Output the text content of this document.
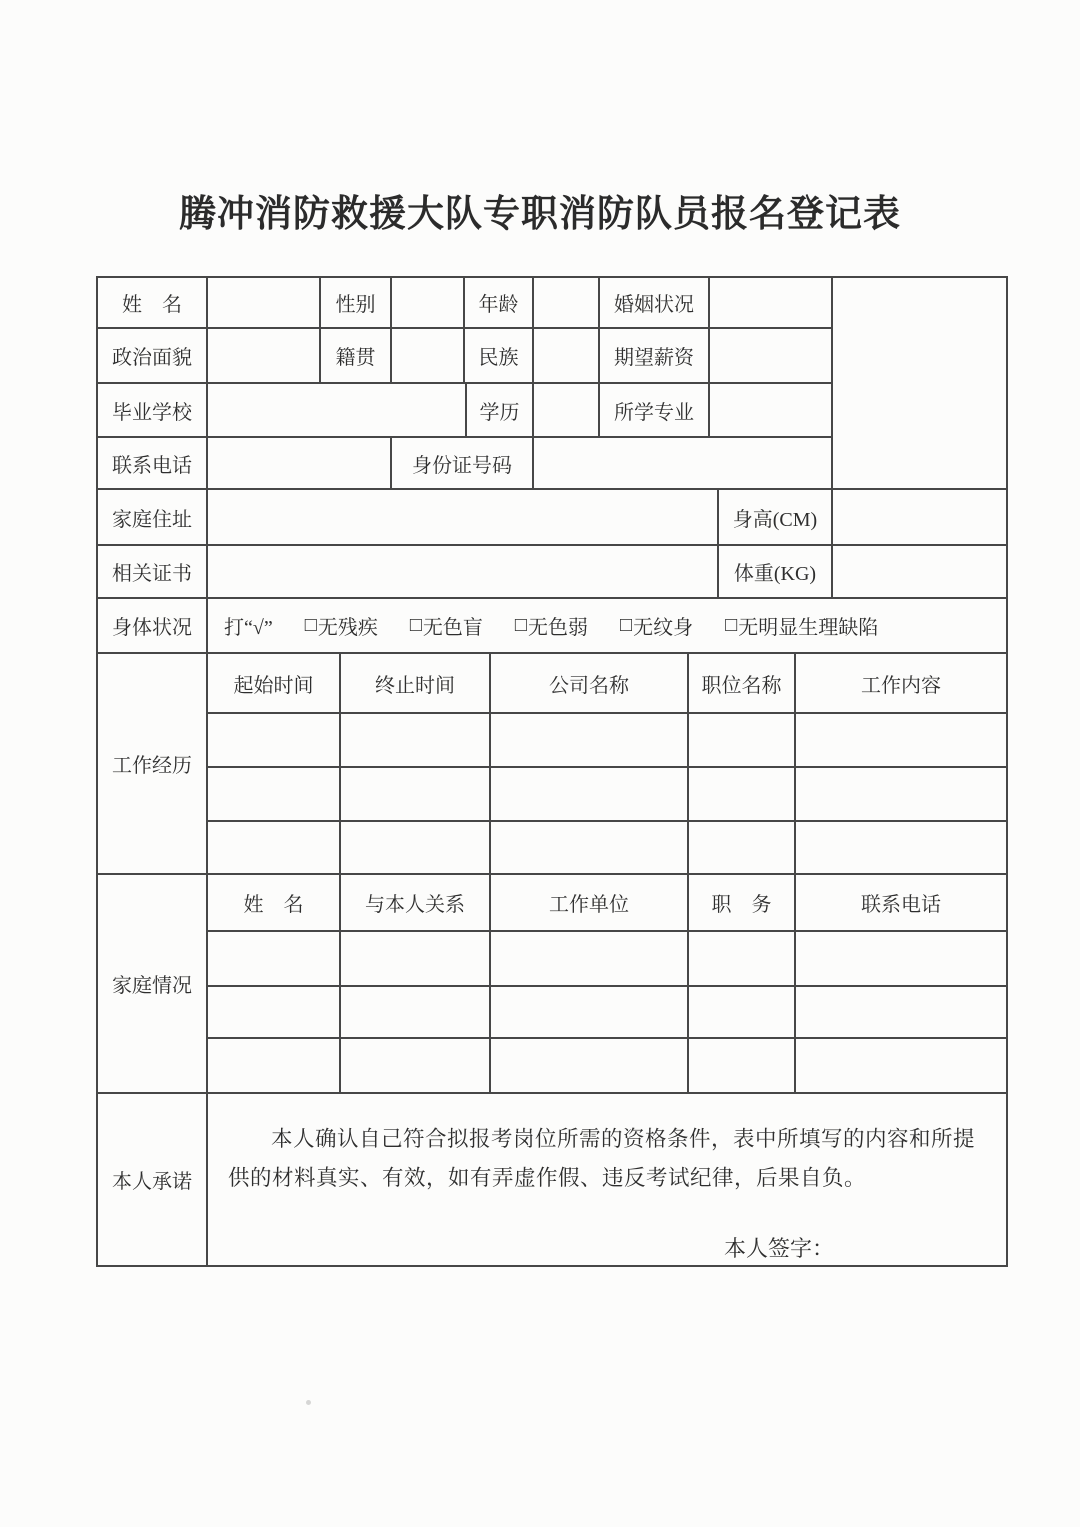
腾冲消防救援大队专职消防队员报名登记表
姓　名	性别	年龄	婚姻状况
政治面貌	籍贯	民族	期望薪资
毕业学校	学历	所学专业
联系电话	身份证号码
家庭住址	身高(CM)
相关证书	体重(KG)
身体状况	打“√” □ 无残疾 □ 无色盲 □ 无色弱 □ 无纹身 □ 无明显生理缺陷
工作经历
起始时间	终止时间	公司名称	职位名称	工作内容
家庭情况
姓　名	与本人关系	工作单位	职　务	联系电话
本人承诺

本人确认自己符合拟报考岗位所需的资格条件，表中所填写的内容和所提供的材料真实、有效，如有弄虚作假、违反考试纪律，后果自负。

本人签字：
